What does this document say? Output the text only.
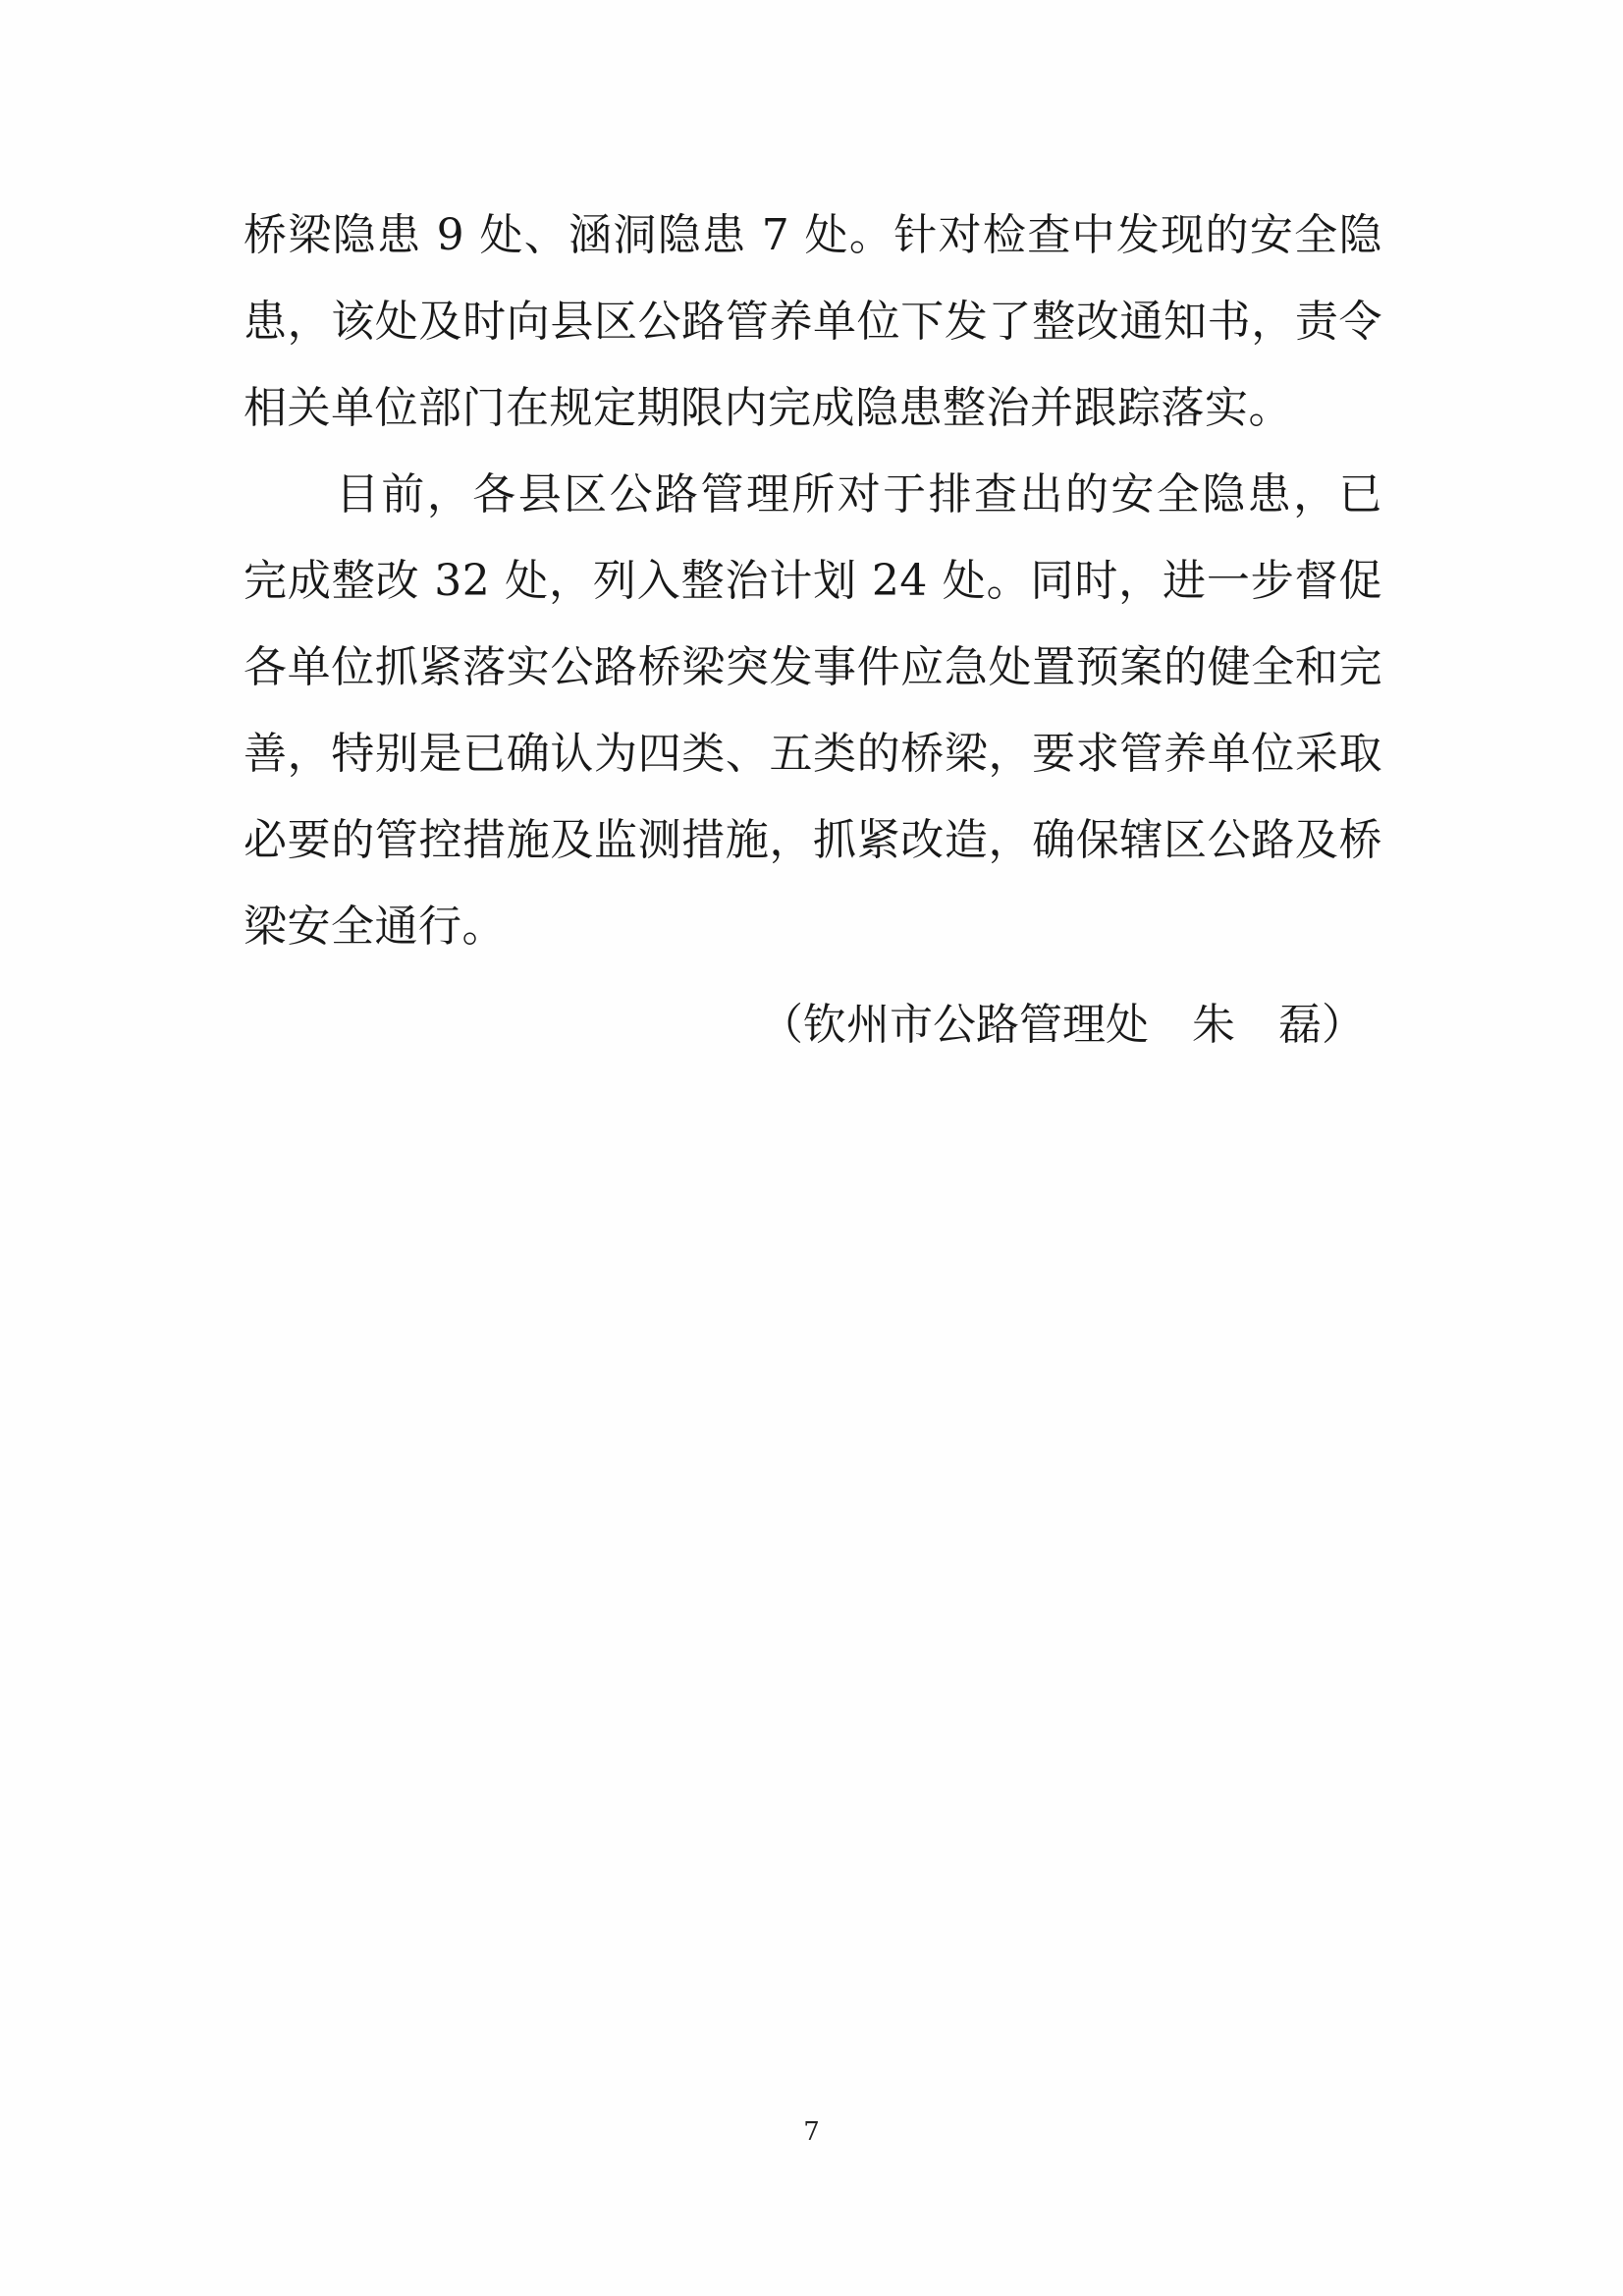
桥梁隐患 9 处、涵洞隐患 7 处。针对检查中发现的安全隐患，该处及时向县区公路管养单位下发了整改通知书，责令相关单位部门在规定期限内完成隐患整治并跟踪落实。

目前，各县区公路管理所对于排查出的安全隐患，已完成整改 32 处，列入整治计划 24 处。同时，进一步督促各单位抓紧落实公路桥梁突发事件应急处置预案的健全和完善，特别是已确认为四类、五类的桥梁，要求管养单位采取必要的管控措施及监测措施，抓紧改造，确保辖区公路及桥梁安全通行。

（钦州市公路管理处　朱　磊）
7
